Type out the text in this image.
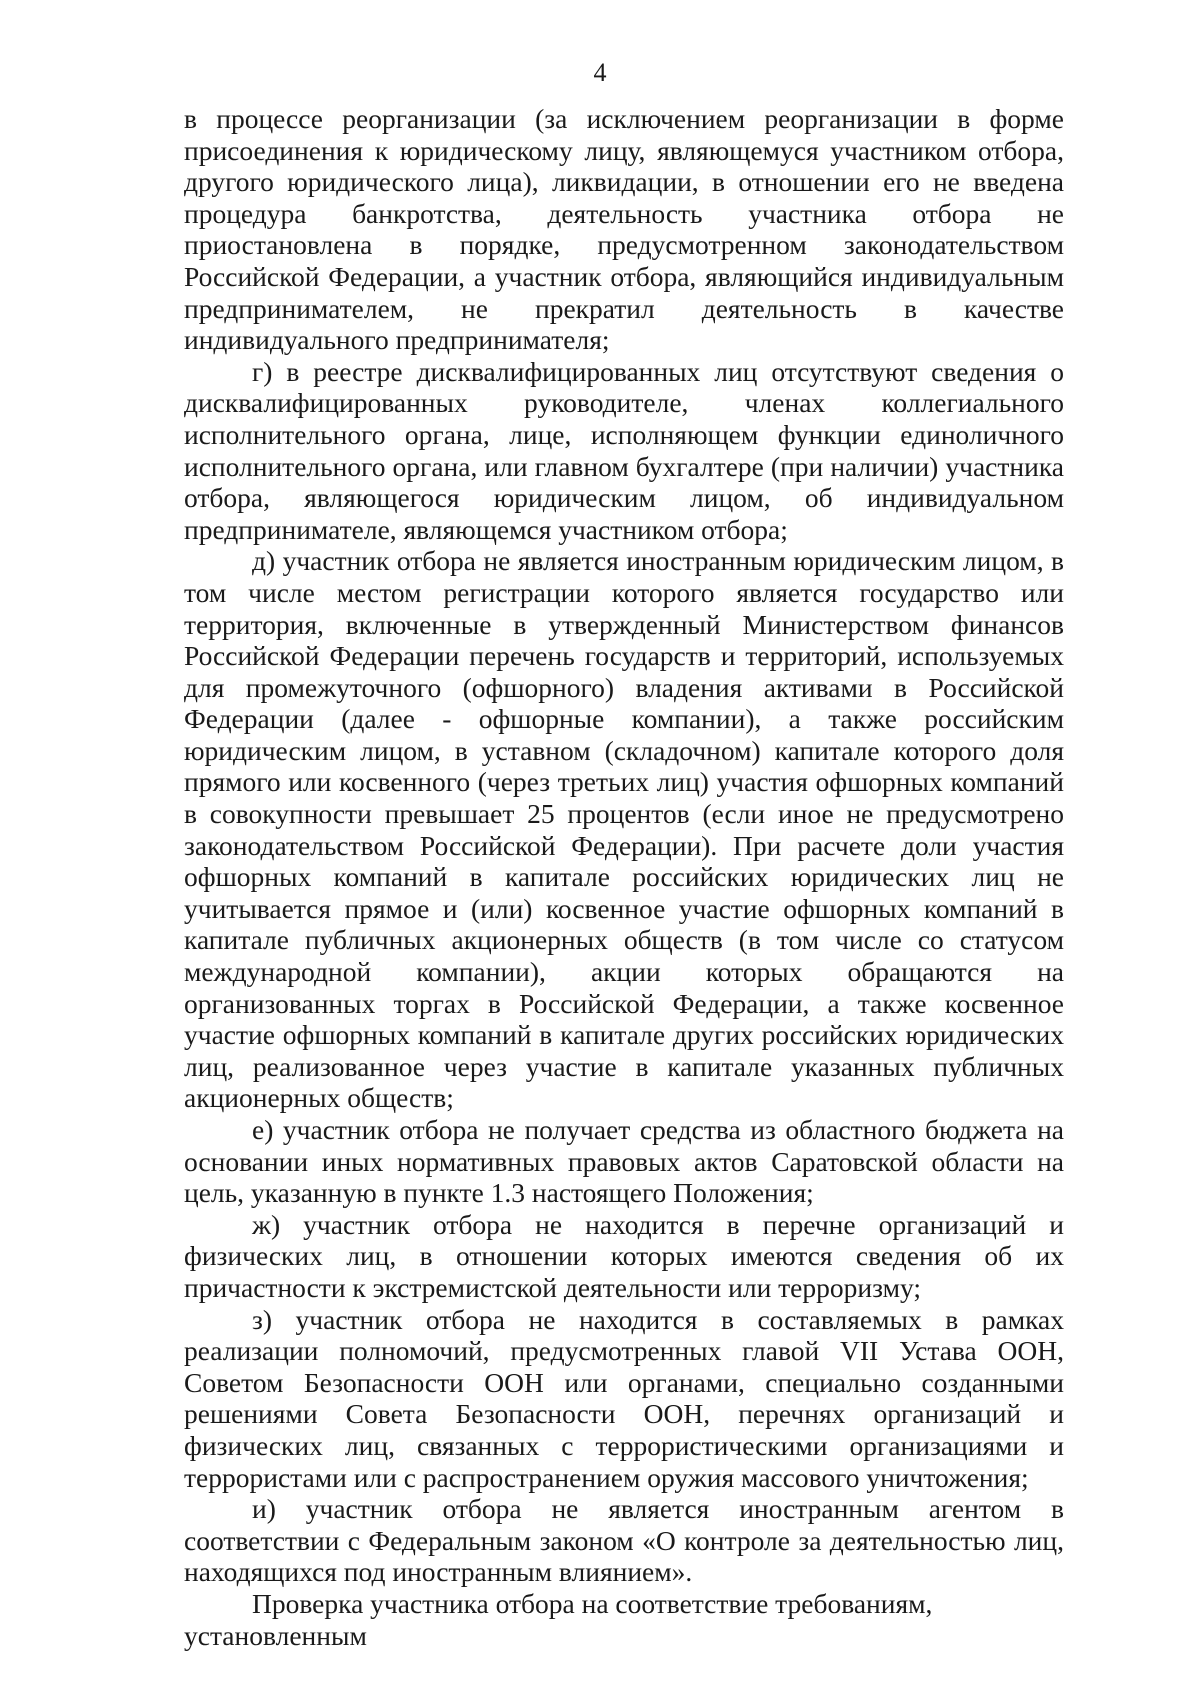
4

в процессе реорганизации (за исключением реорганизации в форме присоединения к юридическому лицу, являющемуся участником отбора, другого юридического лица), ликвидации, в отношении его не введена процедура банкротства, деятельность участника отбора не приостановлена в порядке, предусмотренном законодательством Российской Федерации, а участник отбора, являющийся индивидуальным предпринимателем, не прекратил деятельность в качестве индивидуального предпринимателя;

г) в реестре дисквалифицированных лиц отсутствуют сведения о дисквалифицированных руководителе, членах коллегиального исполнительного органа, лице, исполняющем функции единоличного исполнительного органа, или главном бухгалтере (при наличии) участника отбора, являющегося юридическим лицом, об индивидуальном предпринимателе, являющемся участником отбора;

д) участник отбора не является иностранным юридическим лицом, в том числе местом регистрации которого является государство или территория, включенные в утвержденный Министерством финансов Российской Федерации перечень государств и территорий, используемых для промежуточного (офшорного) владения активами в Российской Федерации (далее - офшорные компании), а также российским юридическим лицом, в уставном (складочном) капитале которого доля прямого или косвенного (через третьих лиц) участия офшорных компаний в совокупности превышает 25 процентов (если иное не предусмотрено законодательством Российской Федерации). При расчете доли участия офшорных компаний в капитале российских юридических лиц не учитывается прямое и (или) косвенное участие офшорных компаний в капитале публичных акционерных обществ (в том числе со статусом международной компании), акции которых обращаются на организованных торгах в Российской Федерации, а также косвенное участие офшорных компаний в капитале других российских юридических лиц, реализованное через участие в капитале указанных публичных акционерных обществ;

е) участник отбора не получает средства из областного бюджета на основании иных нормативных правовых актов Саратовской области на цель, указанную в пункте 1.3 настоящего Положения;

ж) участник отбора не находится в перечне организаций и физических лиц, в отношении которых имеются сведения об их причастности к экстремистской деятельности или терроризму;

з) участник отбора не находится в составляемых в рамках реализации полномочий, предусмотренных главой VII Устава ООН, Советом Безопасности ООН или органами, специально созданными решениями Совета Безопасности ООН, перечнях организаций и физических лиц, связанных с террористическими организациями и террористами или с распространением оружия массового уничтожения;

и) участник отбора не является иностранным агентом в соответствии с Федеральным законом «О контроле за деятельностью лиц, находящихся под иностранным влиянием».

Проверка участника отбора на соответствие требованиям, установленным
